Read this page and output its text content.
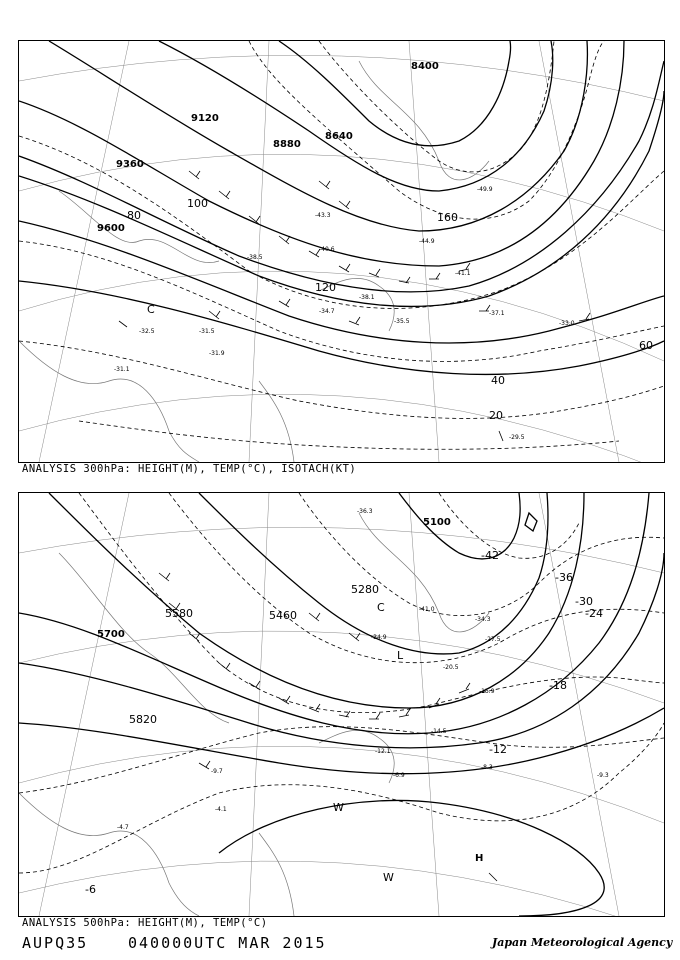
8400
8640
8880
9120
9360
9600
20
40
60
80
100
120
160
-29.5
-31.1
-31.5
-31.9
-32.5
-33.0
-34.7
-35.5
-37.1
-38.1
-38.5
-40.6
-41.1
-43.3
-44.9
-49.9
C
ANALYSIS 300hPa: HEIGHT(M), TEMP(°C), ISOTACH(KT)
5100
5280
5460
5580
5700
5820
-6
-12
-18
-24
-30
-36
-42
-4.1
-4.7
-6.9
-8.3
-9.3
-9.7
-12.1
-14.5
-15.9
-20.5
-27.5
-34.3
-34.9
-36.3
-41.0
L
C
W
W
H
ANALYSIS 500hPa: HEIGHT(M), TEMP(°C)
AUPQ35	040000UTC MAR 2015	Japan Meteorological Agency
